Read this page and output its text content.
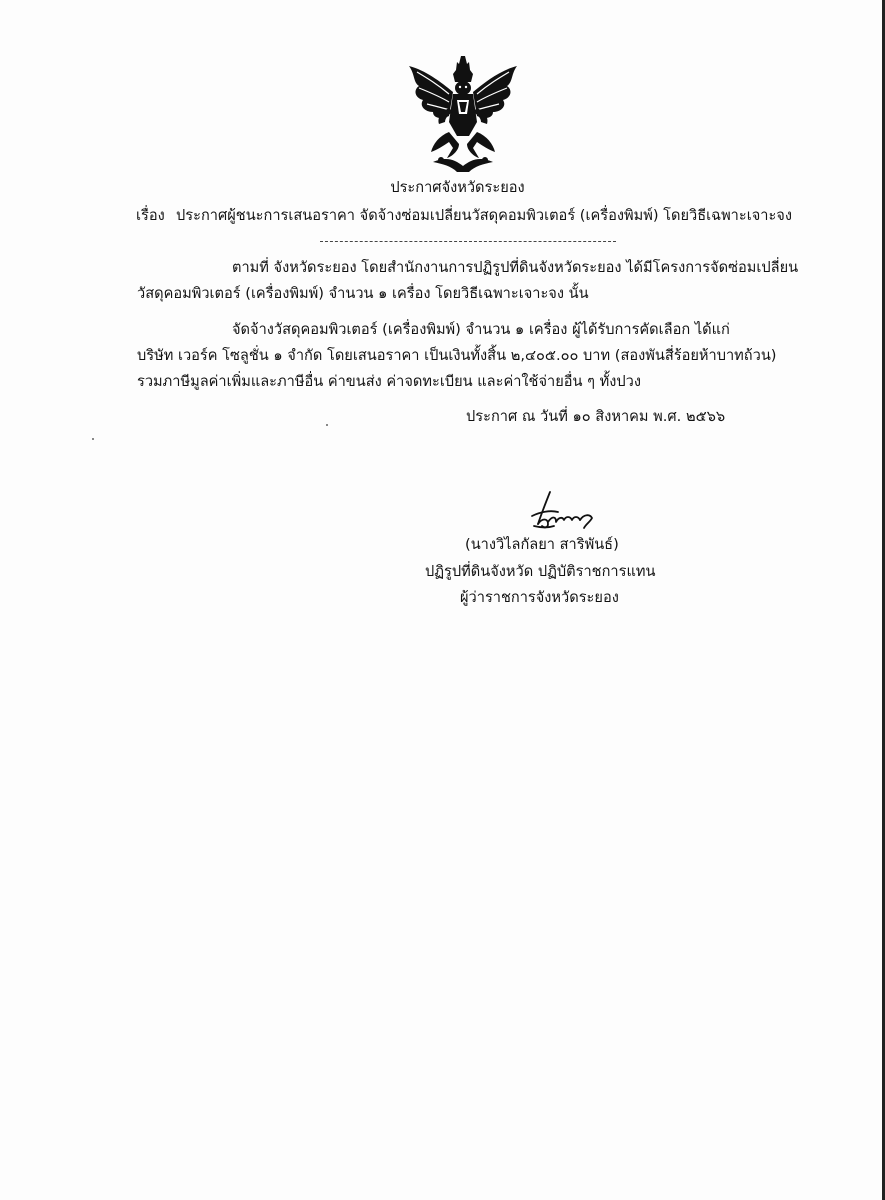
ประกาศจังหวัดระยอง
เรื่อง ประกาศผู้ชนะการเสนอราคา จัดจ้างซ่อมเปลี่ยนวัสดุคอมพิวเตอร์ (เครื่องพิมพ์) โดยวิธีเฉพาะเจาะจง
ตามที่ จังหวัดระยอง โดยสำนักงานการปฏิรูปที่ดินจังหวัดระยอง ได้มีโครงการจัดซ่อมเปลี่ยน
วัสดุคอมพิวเตอร์ (เครื่องพิมพ์) จำนวน ๑ เครื่อง โดยวิธีเฉพาะเจาะจง นั้น
จัดจ้างวัสดุคอมพิวเตอร์ (เครื่องพิมพ์) จำนวน ๑ เครื่อง ผู้ได้รับการคัดเลือก ได้แก่
บริษัท เวอร์ค โซลูชั่น ๑ จำกัด โดยเสนอราคา เป็นเงินทั้งสิ้น ๒,๔๐๕.๐๐ บาท (สองพันสี่ร้อยห้าบาทถ้วน)
รวมภาษีมูลค่าเพิ่มและภาษีอื่น ค่าขนส่ง ค่าจดทะเบียน และค่าใช้จ่ายอื่น ๆ ทั้งปวง
ประกาศ ณ วันที่ ๑๐ สิงหาคม พ.ศ. ๒๕๖๖
(นางวิไลกัลยา สาริพันธ์)
ปฏิรูปที่ดินจังหวัด ปฏิบัติราชการแทน
ผู้ว่าราชการจังหวัดระยอง
